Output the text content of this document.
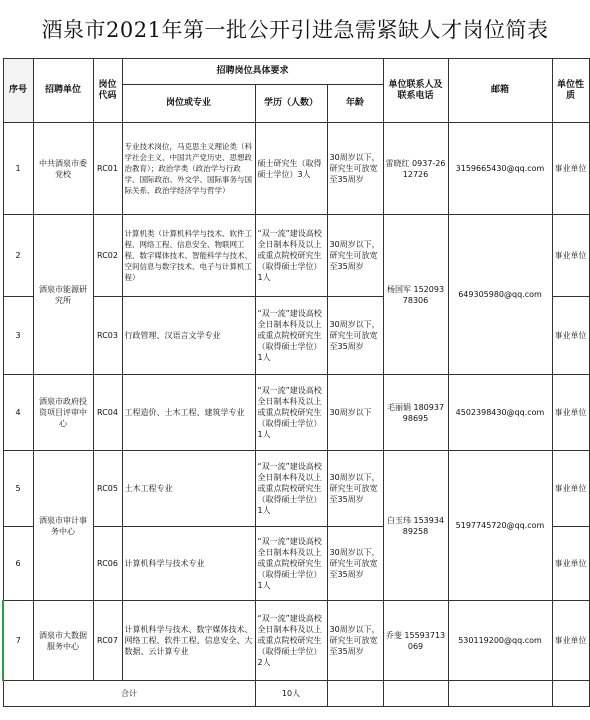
酒泉市2021年第一批公开引进急需紧缺人才岗位简表
序号	招聘单位	岗位代码	招聘岗位具体要求			单位联系人及联系电话	邮箱	单位性质
			岗位或专业	学历（人数）	年龄			
1	中共酒泉市委党校	RC01	专业技术岗位，马克思主义理论类（科学社会主义、中国共产党历史、思想政治教育）；政治学类（政治学与行政学、国际政治、外交学、国际事务与国际关系、政治学经济学与哲学）	硕士研究生（取得硕士学位）3人	30周岁以下，研究生可放宽至35周岁	雷晓红 0937-2612726	3159665430@qq.com	事业单位
2	酒泉市能源研究所	RC02	计算机类（计算机科学与技术、软件工程、网络工程、信息安全、物联网工程、数字媒体技术、智能科学与技术、空间信息与数字技术、电子与计算机工程）	“双一流”建设高校全日制本科及以上或重点院校研究生（取得硕士学位）1人	30周岁以下，研究生可放宽至35周岁	杨国军 15209378306	649305980@qq.com	事业单位
3		RC03	行政管理、汉语言文学专业	“双一流”建设高校全日制本科及以上或重点院校研究生（取得硕士学位）1人	30周岁以下，研究生可放宽至35周岁			事业单位
4	酒泉市政府投资项目评审中心	RC04	工程造价、土木工程、建筑学专业	“双一流”建设高校全日制本科及以上或重点院校研究生（取得硕士学位）1人	30周岁以下	毛丽娟 18093798695	4502398430@qq.com	事业单位
5	酒泉市审计事务中心	RC05	土木工程专业	“双一流”建设高校全日制本科及以上或重点院校研究生（取得硕士学位）1人	30周岁以下，研究生可放宽至35周岁	白玉玮 15393489258	5197745720@qq.com	事业单位
6		RC06	计算机科学与技术专业	“双一流”建设高校全日制本科及以上或重点院校研究生（取得硕士学位）1人	30周岁以下，研究生可放宽至35周岁			事业单位
7	酒泉市大数据服务中心	RC07	计算机科学与技术、数字媒体技术、网络工程、软件工程、信息安全、大数据、云计算专业	“双一流”建设高校全日制本科及以上或重点院校研究生（取得硕士学位）2人	30周岁以下，研究生可放宽至35周岁	乔斐 15593713069	530119200@qq.com	事业单位
合计				10人				
